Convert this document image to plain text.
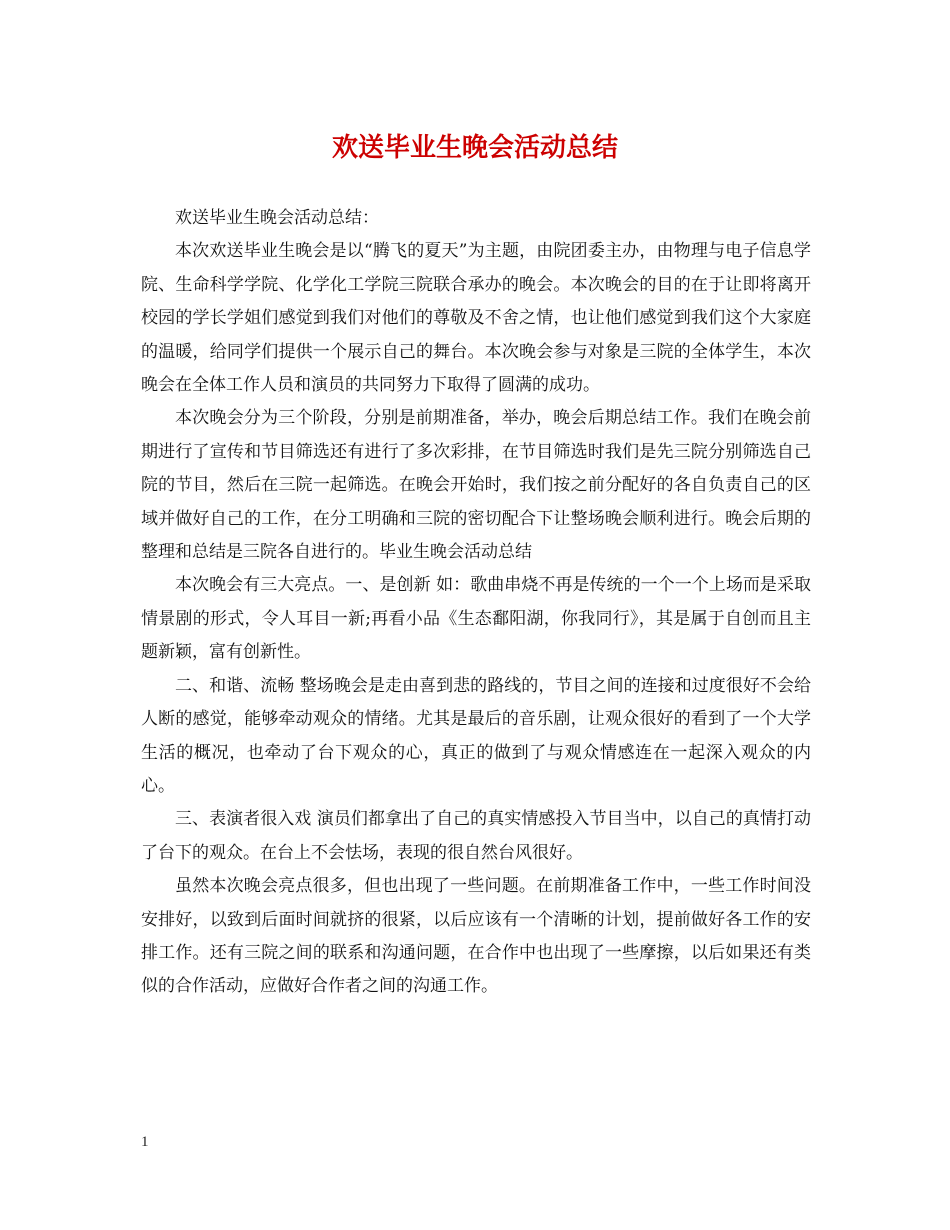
欢送毕业生晚会活动总结

欢送毕业生晚会活动总结：

本次欢送毕业生晚会是以“腾飞的夏天”为主题，由院团委主办，由物理与电子信息学院、生命科学学院、化学化工学院三院联合承办的晚会。本次晚会的目的在于让即将离开校园的学长学姐们感觉到我们对他们的尊敬及不舍之情，也让他们感觉到我们这个大家庭的温暖，给同学们提供一个展示自己的舞台。本次晚会参与对象是三院的全体学生，本次晚会在全体工作人员和演员的共同努力下取得了圆满的成功。

本次晚会分为三个阶段，分别是前期准备，举办，晚会后期总结工作。我们在晚会前期进行了宣传和节目筛选还有进行了多次彩排，在节目筛选时我们是先三院分别筛选自己院的节目，然后在三院一起筛选。在晚会开始时，我们按之前分配好的各自负责自己的区域并做好自己的工作，在分工明确和三院的密切配合下让整场晚会顺利进行。晚会后期的整理和总结是三院各自进行的。毕业生晚会活动总结

本次晚会有三大亮点。一、是创新 如：歌曲串烧不再是传统的一个一个上场而是采取情景剧的形式，令人耳目一新;再看小品《生态鄱阳湖，你我同行》，其是属于自创而且主题新颖，富有创新性。

二、和谐、流畅 整场晚会是走由喜到悲的路线的，节目之间的连接和过度很好不会给人断的感觉，能够牵动观众的情绪。尤其是最后的音乐剧，让观众很好的看到了一个大学生活的概况，也牵动了台下观众的心，真正的做到了与观众情感连在一起深入观众的内心。

三、表演者很入戏 演员们都拿出了自己的真实情感投入节目当中，以自己的真情打动了台下的观众。在台上不会怯场，表现的很自然台风很好。

虽然本次晚会亮点很多，但也出现了一些问题。在前期准备工作中，一些工作时间没安排好，以致到后面时间就挤的很紧，以后应该有一个清晰的计划，提前做好各工作的安排工作。还有三院之间的联系和沟通问题，在合作中也出现了一些摩擦，以后如果还有类似的合作活动，应做好合作者之间的沟通工作。

1
